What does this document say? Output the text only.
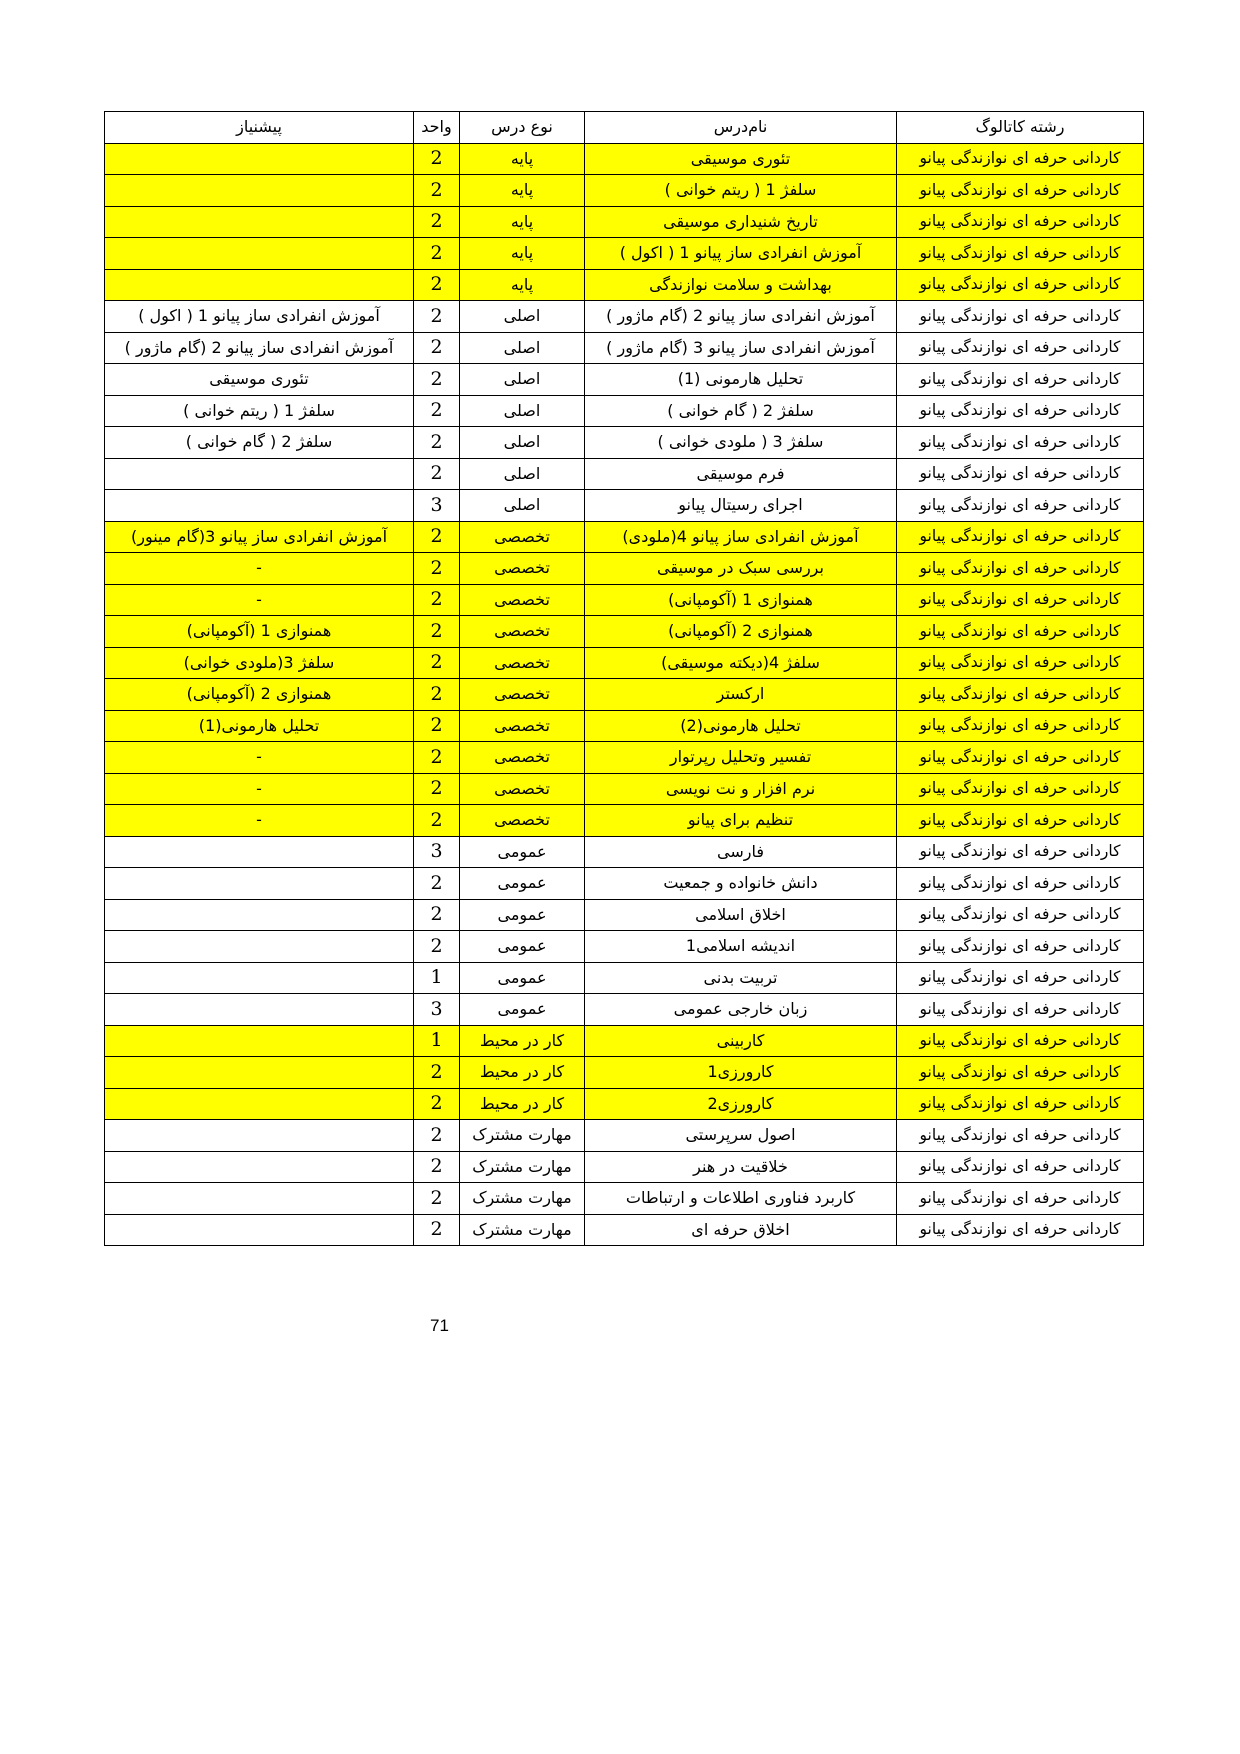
رشته کاتالوگ	نام‌درس	نوع درس	واحد	پیشنیاز
کاردانی حرفه ای نوازندگی پیانو	تئوری موسیقی	پایه	2	
کاردانی حرفه ای نوازندگی پیانو	سلفژ 1 ( ریتم خوانی )	پایه	2	
کاردانی حرفه ای نوازندگی پیانو	تاریخ شنیداری موسیقی	پایه	2	
کاردانی حرفه ای نوازندگی پیانو	آموزش انفرادی ساز پیانو 1 ( اکول )	پایه	2	
کاردانی حرفه ای نوازندگی پیانو	بهداشت و سلامت نوازندگی	پایه	2	
کاردانی حرفه ای نوازندگی پیانو	آموزش انفرادی ساز پیانو 2 (گام ماژور )	اصلی	2	آموزش انفرادی ساز پیانو 1 ( اکول )
کاردانی حرفه ای نوازندگی پیانو	آموزش انفرادی ساز پیانو 3 (گام ماژور )	اصلی	2	آموزش انفرادی ساز پیانو 2 (گام ماژور )
کاردانی حرفه ای نوازندگی پیانو	تحلیل هارمونی (1)	اصلی	2	تئوری موسیقی
کاردانی حرفه ای نوازندگی پیانو	سلفژ 2 ( گام خوانی )	اصلی	2	سلفژ 1 ( ریتم خوانی )
کاردانی حرفه ای نوازندگی پیانو	سلفژ 3 ( ملودی خوانی )	اصلی	2	سلفژ 2 ( گام خوانی )
کاردانی حرفه ای نوازندگی پیانو	فرم موسیقی	اصلی	2	
کاردانی حرفه ای نوازندگی پیانو	اجرای رسیتال پیانو	اصلی	3	
کاردانی حرفه ای نوازندگی پیانو	آموزش انفرادی ساز پیانو 4(ملودی)	تخصصی	2	آموزش انفرادی ساز پیانو 3(گام مینور)
کاردانی حرفه ای نوازندگی پیانو	بررسی سبک در موسیقی	تخصصی	2	-
کاردانی حرفه ای نوازندگی پیانو	همنوازی 1 (آکومپانی)	تخصصی	2	-
کاردانی حرفه ای نوازندگی پیانو	همنوازی 2 (آکومپانی)	تخصصی	2	همنوازی 1 (آکومپانی)
کاردانی حرفه ای نوازندگی پیانو	سلفژ 4(دیکته موسیقی)	تخصصی	2	سلفژ 3(ملودی خوانی)
کاردانی حرفه ای نوازندگی پیانو	ارکستر	تخصصی	2	همنوازی 2 (آکومپانی)
کاردانی حرفه ای نوازندگی پیانو	تحلیل هارمونی(2)	تخصصی	2	تحلیل هارمونی(1)
کاردانی حرفه ای نوازندگی پیانو	تفسیر وتحلیل رپرتوار	تخصصی	2	-
کاردانی حرفه ای نوازندگی پیانو	نرم افزار و نت نویسی	تخصصی	2	-
کاردانی حرفه ای نوازندگی پیانو	تنظیم برای پیانو	تخصصی	2	-
کاردانی حرفه ای نوازندگی پیانو	فارسی	عمومی	3	
کاردانی حرفه ای نوازندگی پیانو	دانش خانواده و جمعیت	عمومی	2	
کاردانی حرفه ای نوازندگی پیانو	اخلاق اسلامی	عمومی	2	
کاردانی حرفه ای نوازندگی پیانو	اندیشه اسلامی1	عمومی	2	
کاردانی حرفه ای نوازندگی پیانو	تربیت بدنی	عمومی	1	
کاردانی حرفه ای نوازندگی پیانو	زبان خارجی عمومی	عمومی	3	
کاردانی حرفه ای نوازندگی پیانو	کاربینی	کار در محیط	1	
کاردانی حرفه ای نوازندگی پیانو	کارورزی1	کار در محیط	2	
کاردانی حرفه ای نوازندگی پیانو	کارورزی2	کار در محیط	2	
کاردانی حرفه ای نوازندگی پیانو	اصول سرپرستی	مهارت مشترک	2	
کاردانی حرفه ای نوازندگی پیانو	خلاقیت در هنر	مهارت مشترک	2	
کاردانی حرفه ای نوازندگی پیانو	کاربرد فناوری اطلاعات و ارتباطات	مهارت مشترک	2	
کاردانی حرفه ای نوازندگی پیانو	اخلاق حرفه ای	مهارت مشترک	2	
71
